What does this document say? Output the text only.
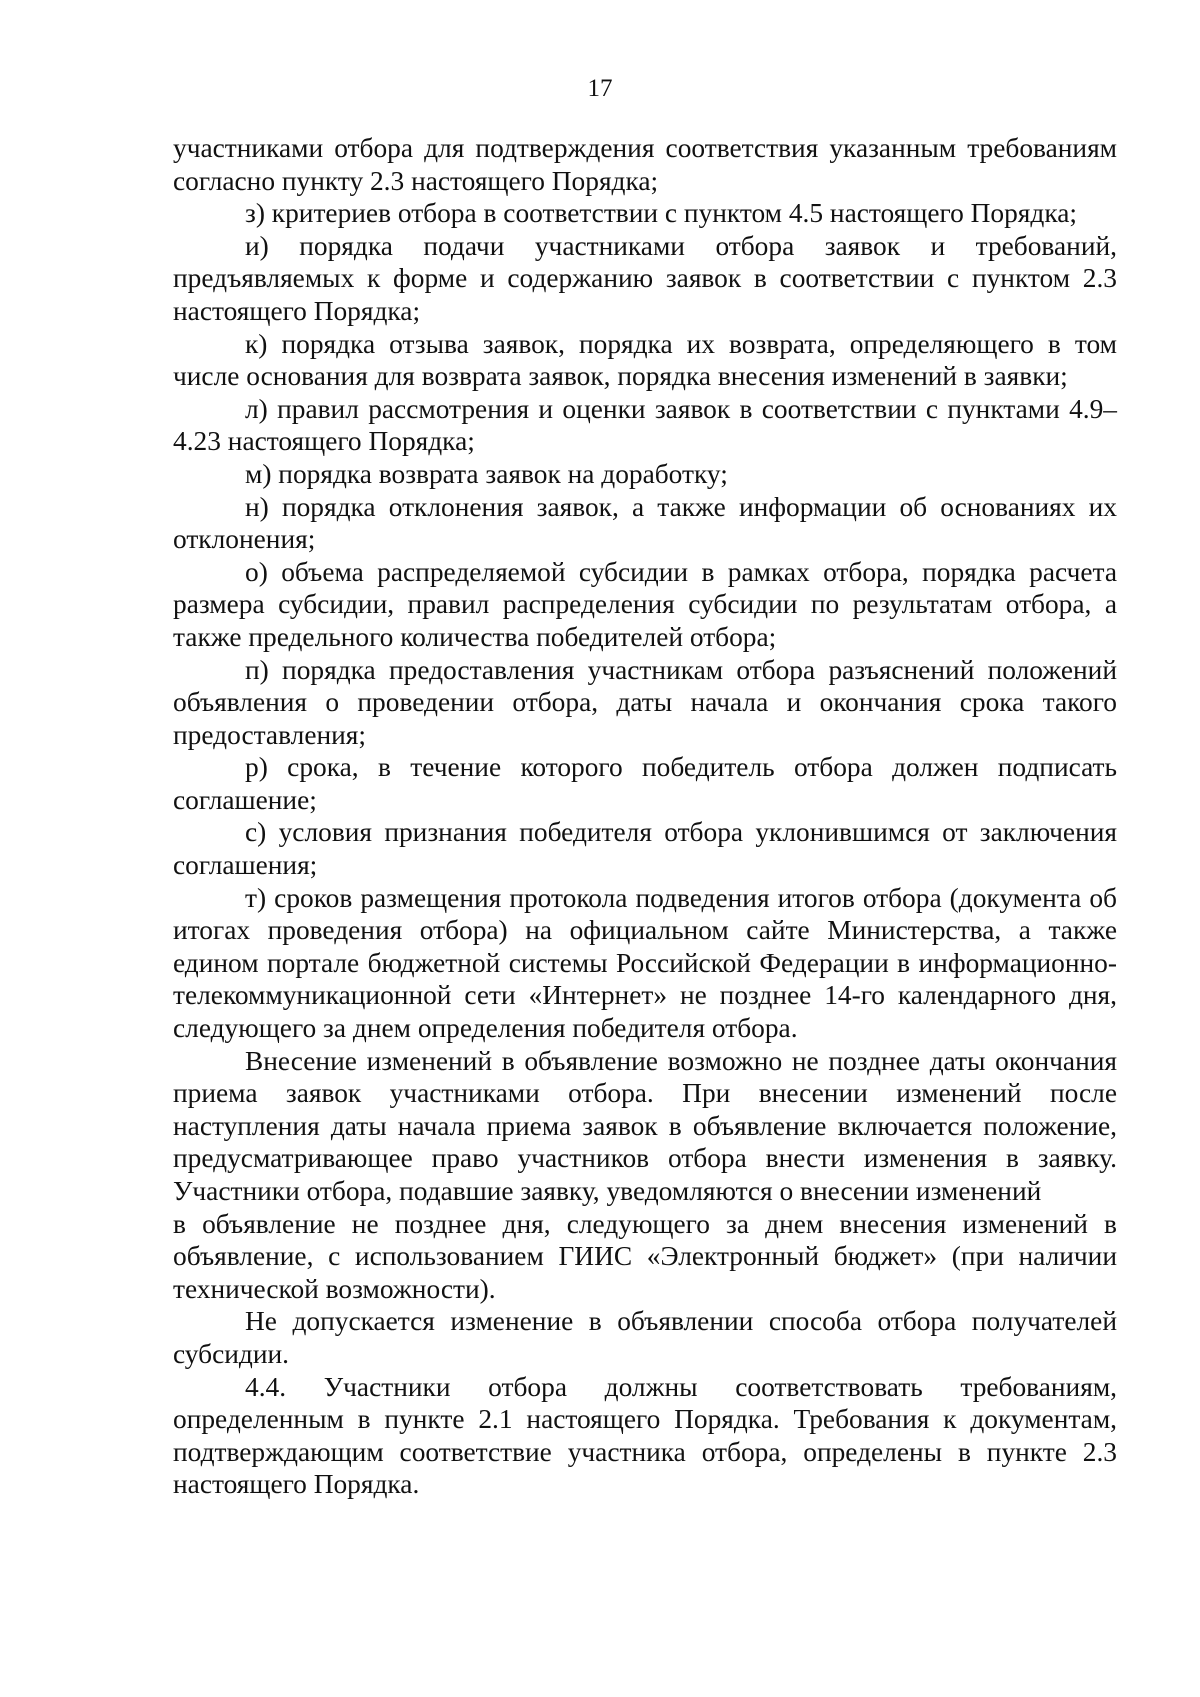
17

участниками отбора для подтверждения соответствия указанным требованиям согласно пункту 2.3 настоящего Порядка;

з) критериев отбора в соответствии с пунктом 4.5 настоящего Порядка;

и) порядка подачи участниками отбора заявок и требований, предъявляемых к форме и содержанию заявок в соответствии с пунктом 2.3 настоящего Порядка;

к) порядка отзыва заявок, порядка их возврата, определяющего в том числе основания для возврата заявок, порядка внесения изменений в заявки;

л) правил рассмотрения и оценки заявок в соответствии с пунктами 4.9–4.23 настоящего Порядка;

м) порядка возврата заявок на доработку;

н) порядка отклонения заявок, а также информации об основаниях их отклонения;

о) объема распределяемой субсидии в рамках отбора, порядка расчета размера субсидии, правил распределения субсидии по результатам отбора, а также предельного количества победителей отбора;

п) порядка предоставления участникам отбора разъяснений положений объявления о проведении отбора, даты начала и окончания срока такого предоставления;

р) срока, в течение которого победитель отбора должен подписать соглашение;

с) условия признания победителя отбора уклонившимся от заключения соглашения;

т) сроков размещения протокола подведения итогов отбора (документа об итогах проведения отбора) на официальном сайте Министерства, а также едином портале бюджетной системы Российской Федерации в информационно-телекоммуникационной сети «Интернет» не позднее 14-го календарного дня, следующего за днем определения победителя отбора.

Внесение изменений в объявление возможно не позднее даты окончания приема заявок участниками отбора. При внесении изменений после наступления даты начала приема заявок в объявление включается положение, предусматривающее право участников отбора внести изменения в заявку. Участники отбора, подавшие заявку, уведомляются о внесении изменений

в объявление не позднее дня, следующего за днем внесения изменений в объявление, с использованием ГИИС «Электронный бюджет» (при наличии технической возможности).

Не допускается изменение в объявлении способа отбора получателей субсидии.

4.4. Участники отбора должны соответствовать требованиям, определенным в пункте 2.1 настоящего Порядка. Требования к документам, подтверждающим соответствие участника отбора, определены в пункте 2.3 настоящего Порядка.
